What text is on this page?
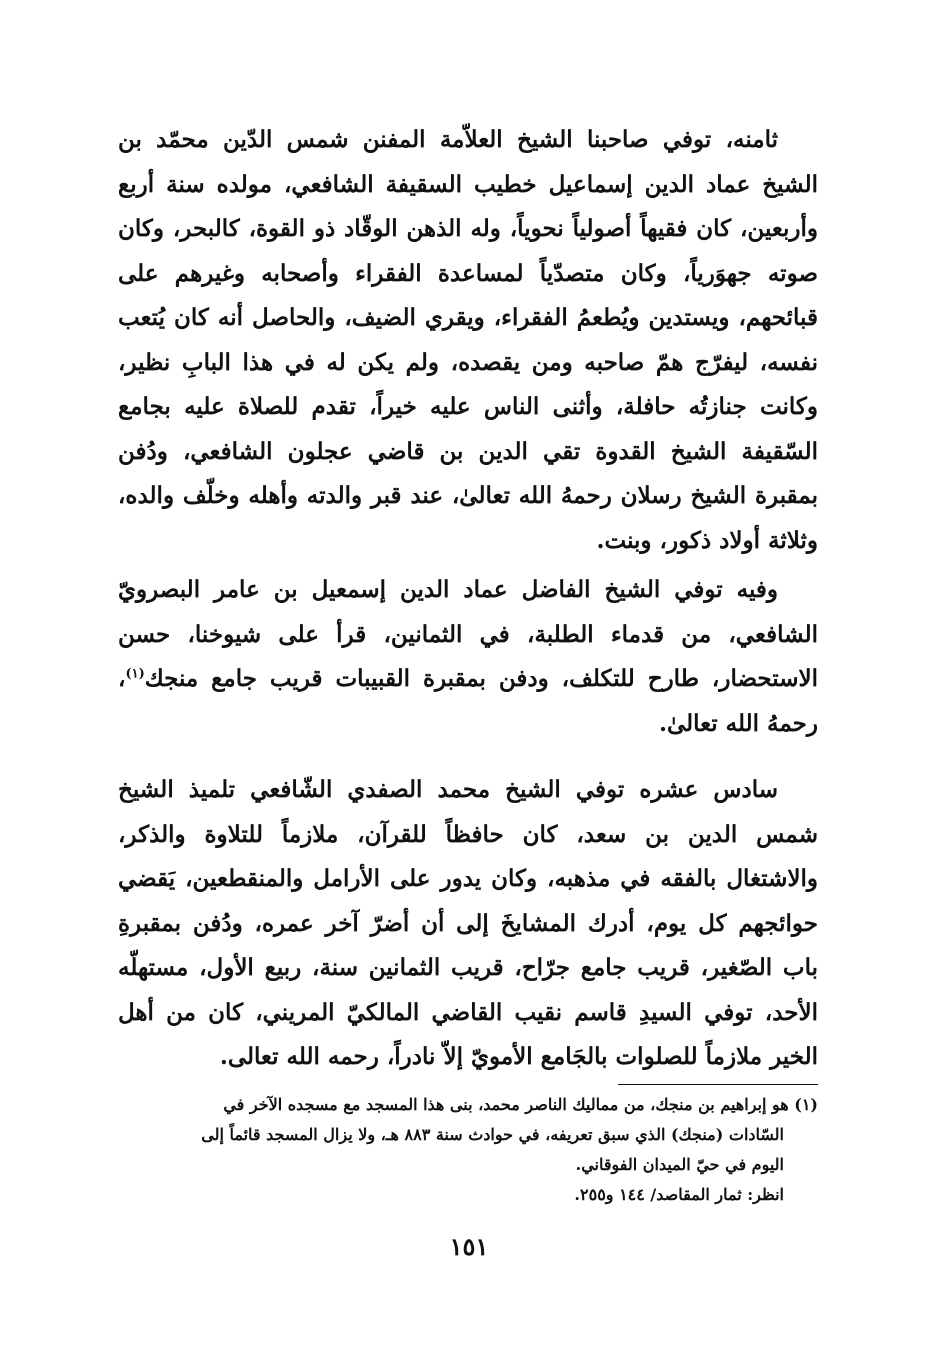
ثامنه، توفي صاحبنا الشيخ العلاّمة المفنن شمس الدّين محمّد بن الشيخ عماد الدين إسماعيل خطيب السقيفة الشافعي، مولده سنة أربع وأربعين، كان فقيهاً أصولياً نحوياً، وله الذهن الوقّاد ذو القوة، كالبحر، وكان صوته جهوَرياً، وكان متصدّياً لمساعدة الفقراء وأصحابه وغيرهم على قبائحهم، ويستدين ويُطعمُ الفقراء، ويقري الضيف، والحاصل أنه كان يُتعب نفسه، ليفرّج همّ صاحبه ومن يقصده، ولم يكن له في هذا البابِ نظير، وكانت جنازتُه حافلة، وأثنى الناس عليه خيراً، تقدم للصلاة عليه بجامع السّقيفة الشيخ القدوة تقي الدين بن قاضي عجلون الشافعي، ودُفن بمقبرة الشيخ رسلان رحمهُ الله تعالىٰ، عند قبر والدته وأهله وخلّف والده، وثلاثة أولاد ذكور، وبنت.

وفيه توفي الشيخ الفاضل عماد الدين إسمعيل بن عامر البصرويّ الشافعي، من قدماء الطلبة، في الثمانين، قرأ على شيوخنا، حسن الاستحضار، طارح للتكلف، ودفن بمقبرة القبيبات قريب جامع منجك$^{(١)}$، رحمهُ الله تعالىٰ.

سادس عشره توفي الشيخ محمد الصفدي الشّافعي تلميذ الشيخ شمس الدين بن سعد، كان حافظاً للقرآن، ملازماً للتلاوة والذكر، والاشتغال بالفقه في مذهبه، وكان يدور على الأرامل والمنقطعين، يَقضي حوائجهم كل يوم، أدرك المشايخَ إلى أن أضرّ آخر عمره، ودُفن بمقبرةِ باب الصّغير، قريب جامع جرّاح، قريب الثمانين سنة، ربيع الأول، مستهلّه الأحد، توفي السيدِ قاسم نقيب القاضي المالكيّ المريني، كان من أهل الخير ملازماً للصلوات بالجَامع الأمويّ إلاّ نادراً، رحمه الله تعالى.

(١) هو إبراهيم بن منجك، من مماليك الناصر محمد، بنى هذا المسجد مع مسجده الآخر في
السّادات (منجك) الذي سبق تعريفه، في حوادث سنة ٨٨٣ هـ، ولا يزال المسجد قائماً إلى
اليوم في حيّ الميدان الفوقاني.
انظر: ثمار المقاصد/ ١٤٤ و٢٥٥.
١٥١
